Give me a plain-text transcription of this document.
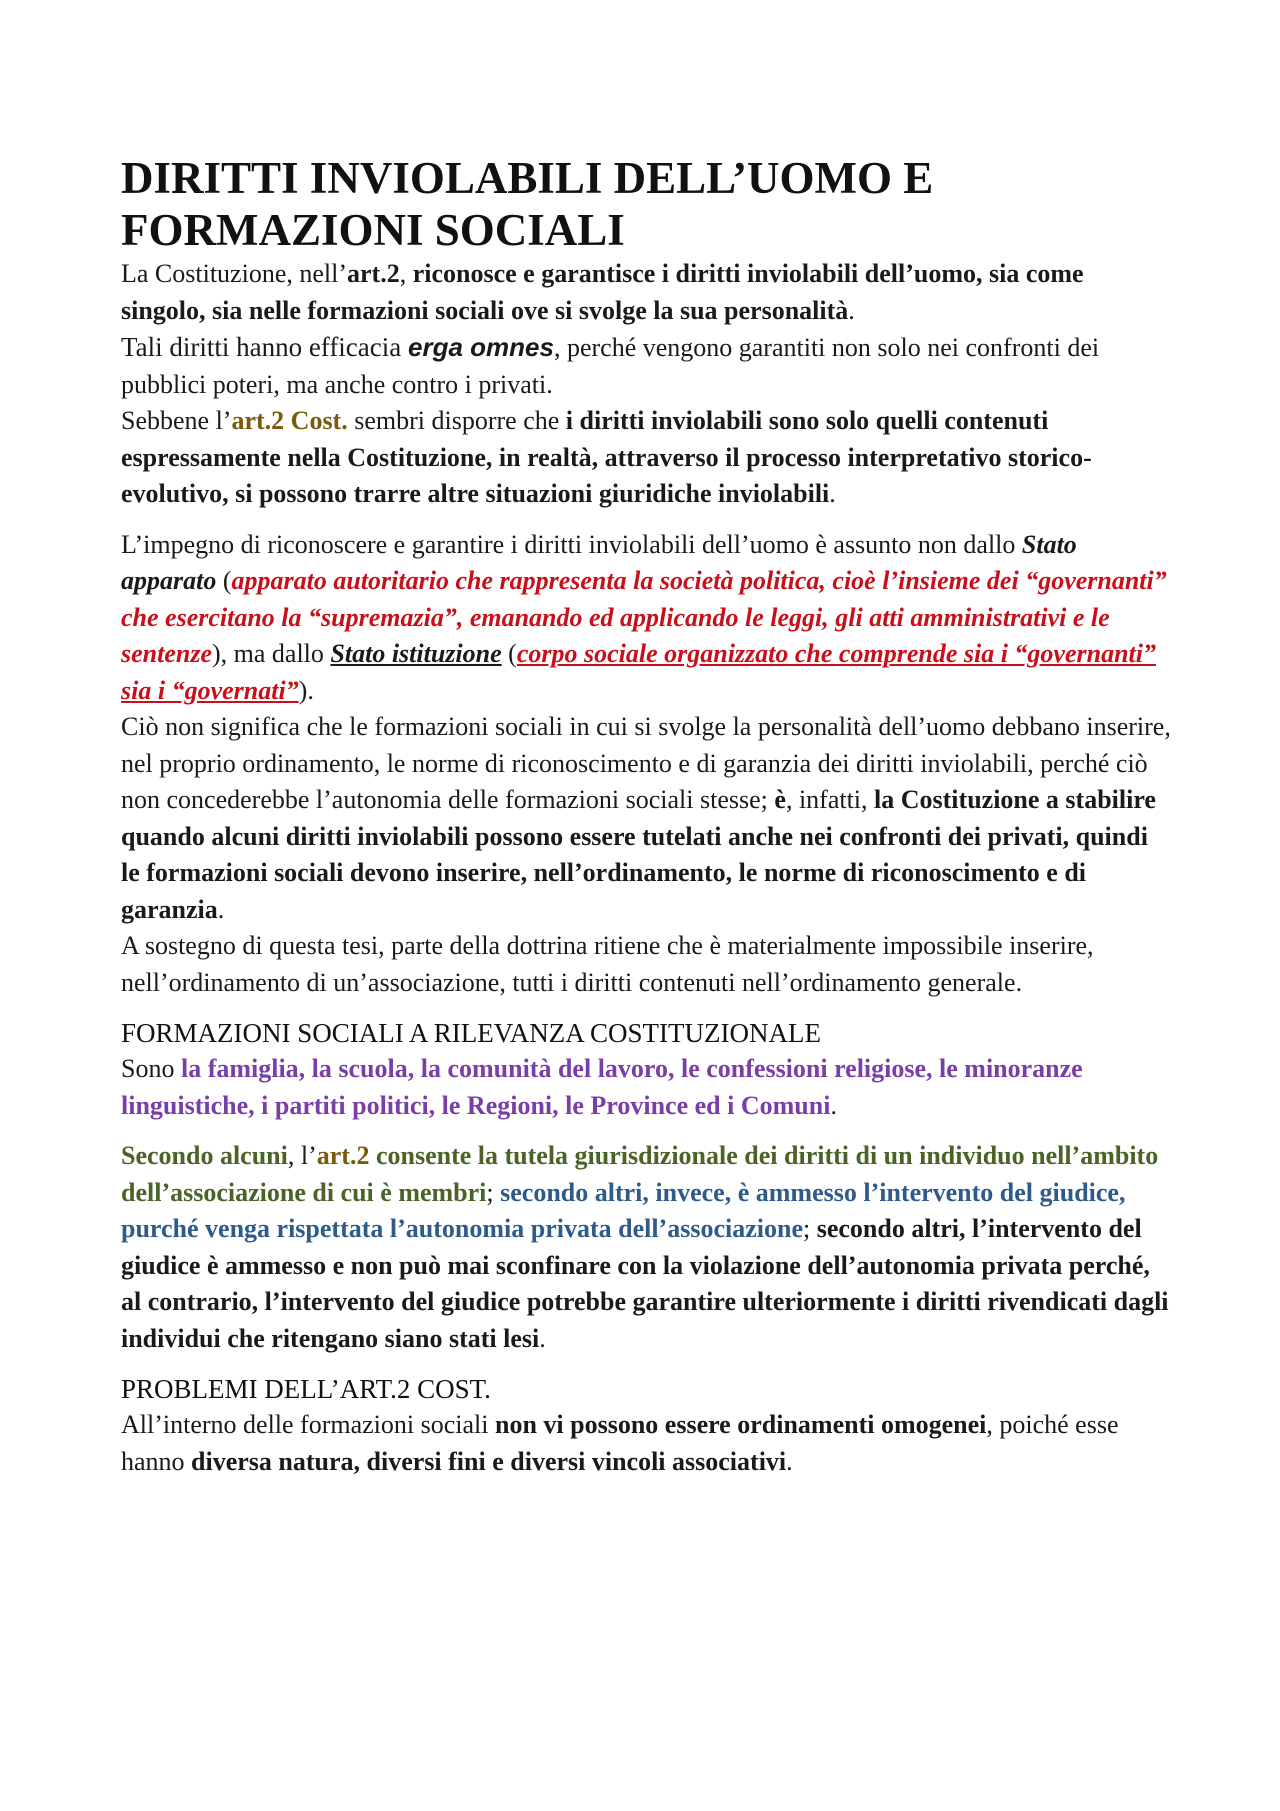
DIRITTI INVIOLABILI DELL’UOMO E
FORMAZIONI SOCIALI

La Costituzione, nell’art.2, riconosce e garantisce i diritti inviolabili dell’uomo, sia come singolo, sia nelle formazioni sociali ove si svolge la sua personalità.

Tali diritti hanno efficacia erga omnes, perché vengono garantiti non solo nei confronti dei pubblici poteri, ma anche contro i privati.

Sebbene l’art.2 Cost. sembri disporre che i diritti inviolabili sono solo quelli contenuti espressamente nella Costituzione, in realtà, attraverso il processo interpretativo storico-evolutivo, si possono trarre altre situazioni giuridiche inviolabili.

L’impegno di riconoscere e garantire i diritti inviolabili dell’uomo è assunto non dallo Stato apparato (apparato autoritario che rappresenta la società politica, cioè l’insieme dei “governanti” che esercitano la “supremazia”, emanando ed applicando le leggi, gli atti amministrativi e le sentenze), ma dallo Stato istituzione (corpo sociale organizzato che comprende sia i “governanti” sia i “governati”).

Ciò non significa che le formazioni sociali in cui si svolge la personalità dell’uomo debbano inserire, nel proprio ordinamento, le norme di riconoscimento e di garanzia dei diritti inviolabili, perché ciò non concederebbe l’autonomia delle formazioni sociali stesse; è, infatti, la Costituzione a stabilire quando alcuni diritti inviolabili possono essere tutelati anche nei confronti dei privati, quindi le formazioni sociali devono inserire, nell’ordinamento, le norme di riconoscimento e di garanzia.

A sostegno di questa tesi, parte della dottrina ritiene che è materialmente impossibile inserire, nell’ordinamento di un’associazione, tutti i diritti contenuti nell’ordinamento generale.

FORMAZIONI SOCIALI A RILEVANZA COSTITUZIONALE

Sono la famiglia, la scuola, la comunità del lavoro, le confessioni religiose, le minoranze linguistiche, i partiti politici, le Regioni, le Province ed i Comuni.

Secondo alcuni, l’art.2 consente la tutela giurisdizionale dei diritti di un individuo nell’ambito dell’associazione di cui è membri; secondo altri, invece, è ammesso l’intervento del giudice, purché venga rispettata l’autonomia privata dell’associazione; secondo altri, l’intervento del giudice è ammesso e non può mai sconfinare con la violazione dell’autonomia privata perché, al contrario, l’intervento del giudice potrebbe garantire ulteriormente i diritti rivendicati dagli individui che ritengano siano stati lesi.

PROBLEMI DELL’ART.2 COST.

All’interno delle formazioni sociali non vi possono essere ordinamenti omogenei, poiché esse hanno diversa natura, diversi fini e diversi vincoli associativi.
